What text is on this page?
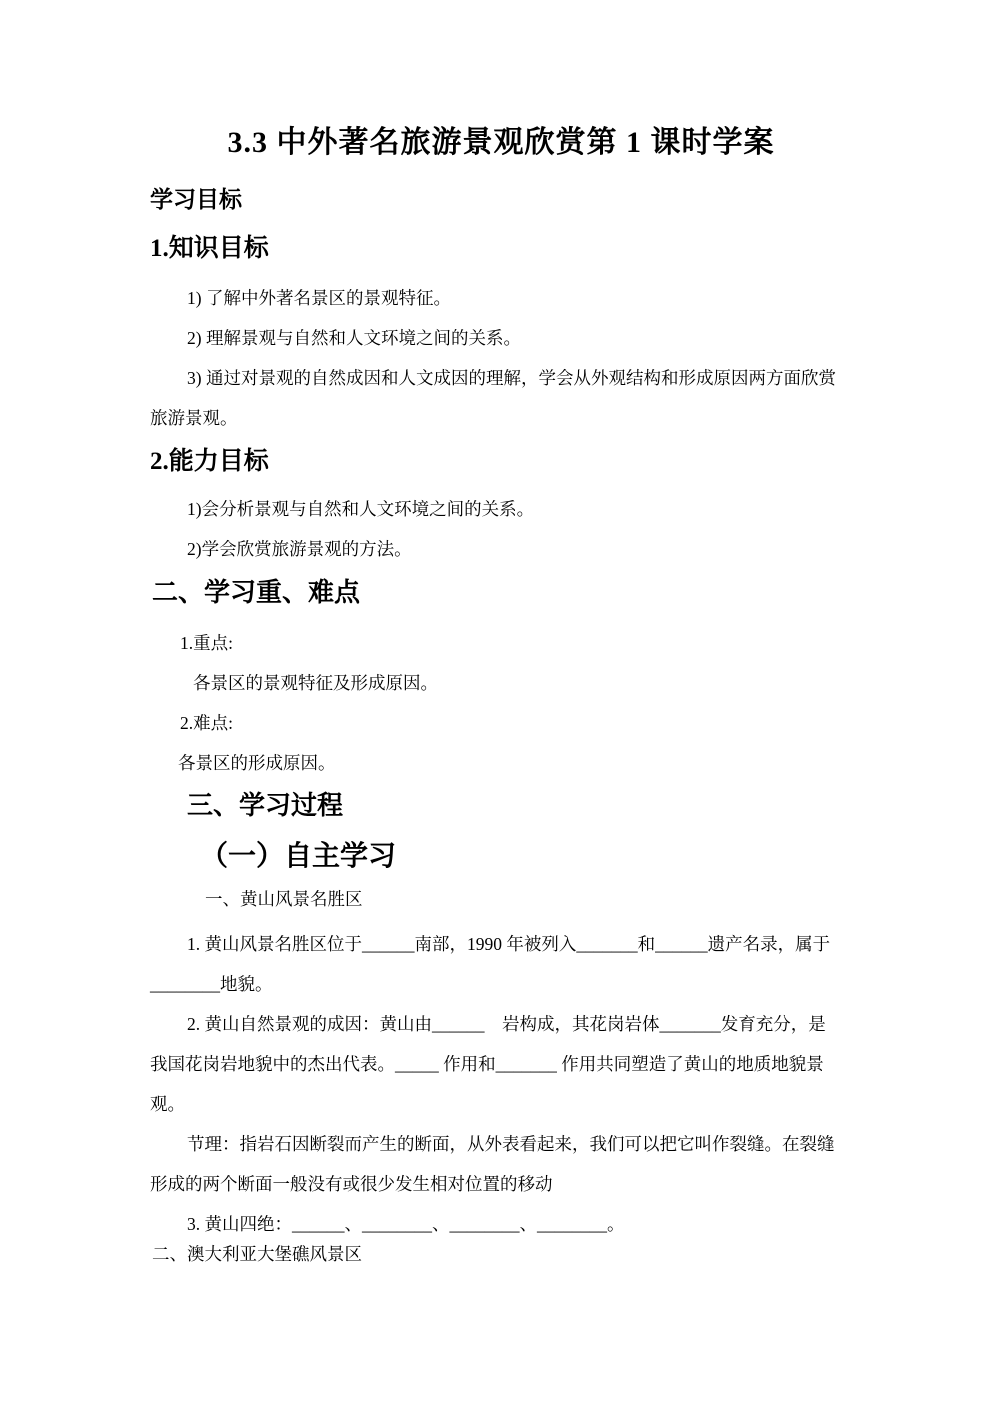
3.3 中外著名旅游景观欣赏第 1 课时学案
学习目标
1.知识目标
1) 了解中外著名景区的景观特征。
2) 理解景观与自然和人文环境之间的关系。
3) 通过对景观的自然成因和人文成因的理解，学会从外观结构和形成原因两方面欣赏
旅游景观。
2.能力目标
1)会分析景观与自然和人文环境之间的关系。
2)学会欣赏旅游景观的方法。
二、学习重、难点
1.重点:
各景区的景观特征及形成原因。
2.难点:
各景区的形成原因。
三、学习过程
（一）自主学习
一、黄山风景名胜区
1. 黄山风景名胜区位于______南部，1990 年被列入_______和______遗产名录，属于
________地貌。
2. 黄山自然景观的成因：黄山由______　岩构成，其花岗岩体_______发育充分，是
我国花岗岩地貌中的杰出代表。_____ 作用和_______ 作用共同塑造了黄山的地质地貌景
观。
节理：指岩石因断裂而产生的断面，从外表看起来，我们可以把它叫作裂缝。在裂缝
形成的两个断面一般没有或很少发生相对位置的移动
3. 黄山四绝：______、________、________、________。
二、澳大利亚大堡礁风景区
